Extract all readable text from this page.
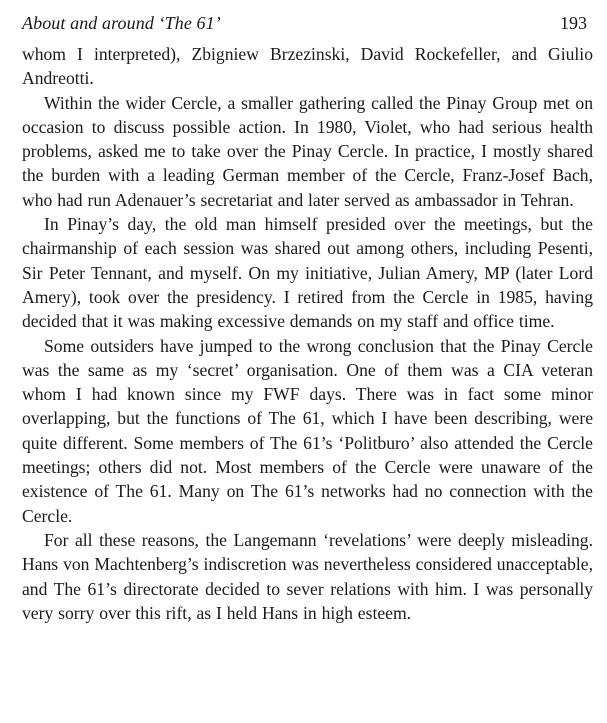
About and around ‘The 61’	193

whom I interpreted), Zbigniew Brzezinski, David Rockefeller, and Giulio Andreotti.

Within the wider Cercle, a smaller gathering called the Pinay Group met on occasion to discuss possible action. In 1980, Violet, who had serious health problems, asked me to take over the Pinay Cercle. In practice, I mostly shared the burden with a leading German member of the Cercle, Franz-Josef Bach, who had run Adenauer’s secretariat and later served as ambassador in Tehran.

In Pinay’s day, the old man himself presided over the meetings, but the chairmanship of each session was shared out among others, including Pesenti, Sir Peter Tennant, and myself. On my initiative, Julian Amery, MP (later Lord Amery), took over the presidency. I retired from the Cercle in 1985, having decided that it was making excessive demands on my staff and office time.

Some outsiders have jumped to the wrong conclusion that the Pinay Cercle was the same as my ‘secret’ organisation. One of them was a CIA veteran whom I had known since my FWF days. There was in fact some minor overlapping, but the functions of The 61, which I have been describing, were quite different. Some members of The 61’s ‘Politburo’ also attended the Cercle meetings; others did not. Most members of the Cercle were unaware of the existence of The 61. Many on The 61’s networks had no connection with the Cercle.

For all these reasons, the Langemann ‘revelations’ were deeply misleading. Hans von Machtenberg’s indiscretion was nevertheless considered unacceptable, and The 61’s directorate decided to sever relations with him. I was personally very sorry over this rift, as I held Hans in high esteem.
